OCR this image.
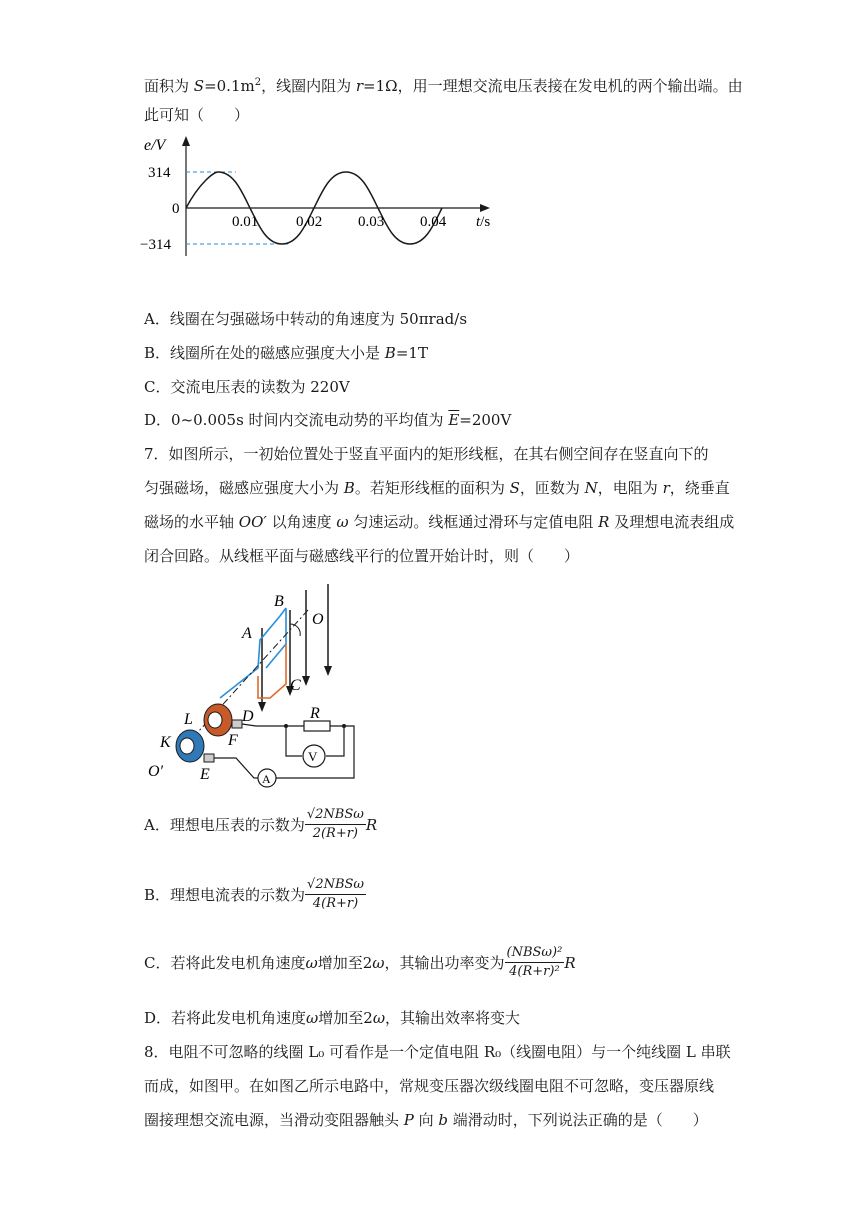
面积为 $S=0.1m^2$，线圈内阻为 r=1Ω，用一理想交流电压表接在发电机的两个输出端。由
此可知（　　）
e/V
314
0
−314
0.01	0.02 0.03 0.04 t/s
A．线圈在匀强磁场中转动的角速度为 50πrad/s
B．线圈所在处的磁感应强度大小是 B=1T
C．交流电压表的读数为 220V
D．0~0.005s 时间内交流电动势的平均值为 $\overline{E}=200V$
7．如图所示，一初始位置处于竖直平面内的矩形线框，在其右侧空间存在竖直向下的
匀强磁场，磁感应强度大小为 B。若矩形线框的面积为 S，匝数为 N，电阻为 r，绕垂直
磁场的水平轴 OO′ 以角速度 ω 匀速运动。线框通过滑环与定值电阻 R 及理想电流表组成
闭合回路。从线框平面与磁感线平行的位置开始计时，则（　　）
B
O
A
C
L	D	R
F
K
V
O′ E	A
A．理想电压表的示数为 $\frac{\text{√2NBSω}}{2(R+r)}$ R
B．理想电流表的示数为 $\frac{\text{√2NBSω}}{4(R+r)}$
C．若将此发电机角速度 ω 增加至2 ω ，其输出功率变为 $\frac{\text{(NBSω)²}}{\text{4(R+r)²}}$ R
D．若将此发电机角速度ω增加至2ω，其输出效率将变大
8．电阻不可忽略的线圈 L₀ 可看作是一个定值电阻 R₀（线圈电阻）与一个纯线圈 L 串联
而成，如图甲。在如图乙所示电路中，常规变压器次级线圈电阻不可忽略，变压器原线
圈接理想交流电源，当滑动变阻器触头 P 向 b 端滑动时，下列说法正确的是（　　）
